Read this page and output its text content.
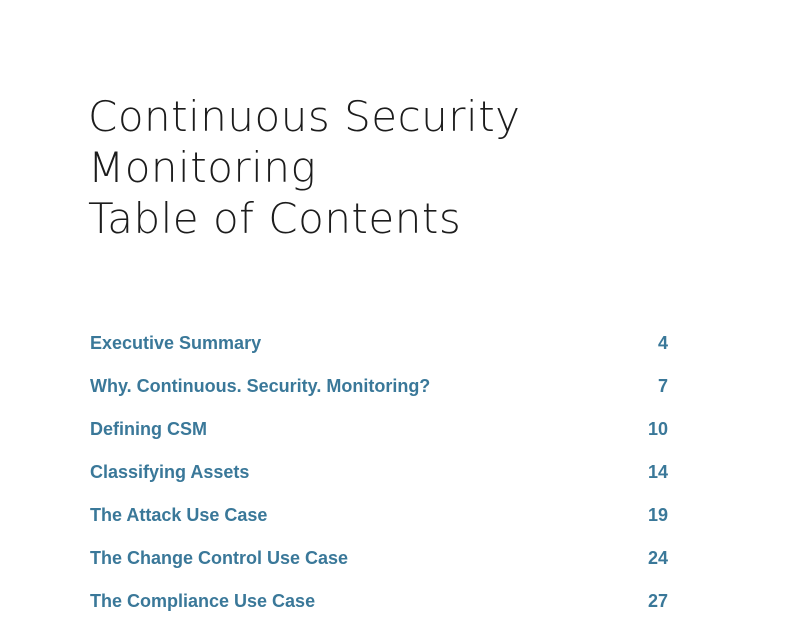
Continuous Security
Monitoring
Table of Contents
Executive Summary	4
Why. Continuous. Security. Monitoring?	7
Defining CSM	10
Classifying Assets	14
The Attack Use Case	19
The Change Control Use Case	24
The Compliance Use Case	27
